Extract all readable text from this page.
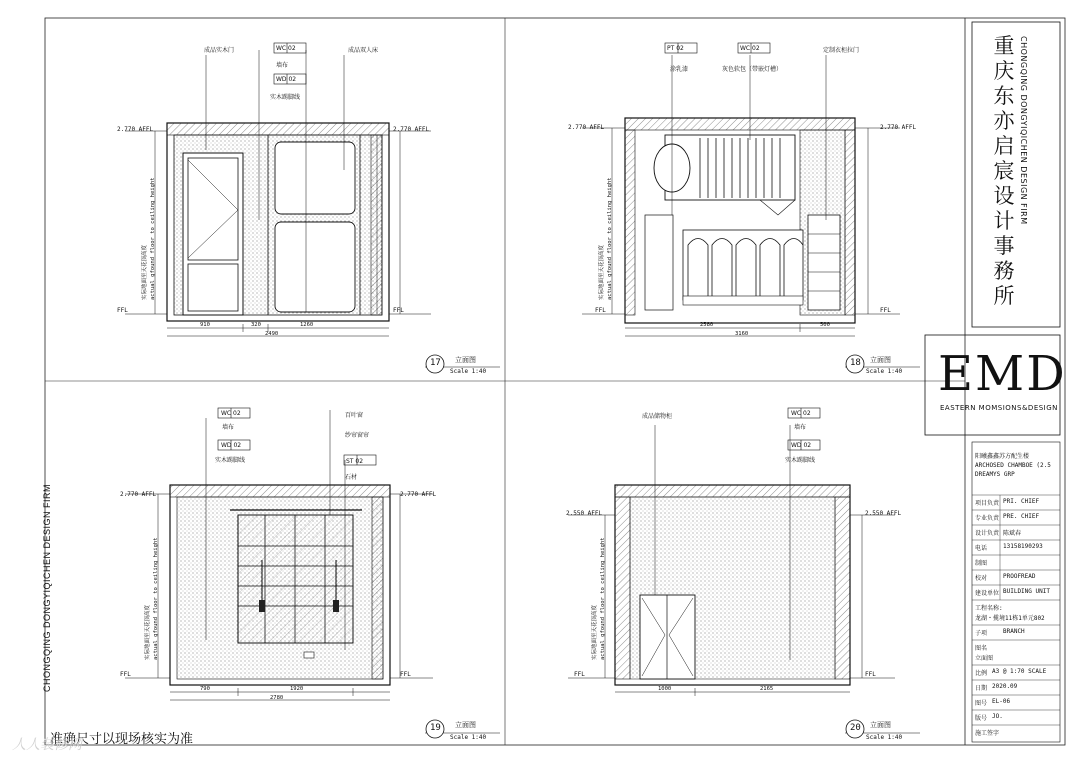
CHONGQING DONGYIQICHEN DESIGN FIRM
重庆东亦启宸设计事務所
EMD
EASTERN MOMSIONS&DESIGN
CHONGQING DONGYIQICHEN DESIGN FIRM
准确尺寸以现场核实为准
人人装修网
阳曦鑫鑫苏方配生楼
ARCHOSED CHAMBOE (2.5
DREAMYS GRP
项目负责 PRI. CHIEF
专业负责 PRE. CHIEF
设计负责 陈斌春
电话	13158190293
制图
校对	PROOFREAD
建设单位 BUILDING UNIT
工程名称:
龙湖・揽境11栋1单元802
子项	BRANCH
图名
立面图
比例 A3 @ 1:70 SCALE
日期 2020.09
图号 EL-06
版号 JO.
施工签字
17 立面图
Scale 1:40
成品实木门	成品双人床
WC 02
墙布
WD 02
实木踢脚线
2.770 AFFL
FFL
2.770 AFFL
FFL
910	320	1260
2490
实际地面至天花顶高度 actual gfound floor to ceiling height
18 立面图
Scale 1:40
PT 02
涂乳漆
WC 02
灰色软包（带嵌灯槽）
定制衣柜拉门
2.770 AFFL
FFL
2.770 AFFL
FFL
2580	500
3160
实际地面至天花顶高度 actual gfound floor to ceiling height
19 立面图
Scale 1:40
WC 02
墙布
WD 02
实木踢脚线
百叶窗
纱帘窗帘
ST 02
石材
2.770 AFFL
FFL
2.770 AFFL
FFL
790	1920
2780
实际地面至天花顶高度 actual gfound floor to ceiling height
20 立面图
Scale 1:40
成品储物柜	WC 02
墙布
WD 02
实木踢脚线
2.550 AFFL
FFL
2.550 AFFL
FFL
1000	2165
实际地面至天花顶高度 actual gfound floor to ceiling height
